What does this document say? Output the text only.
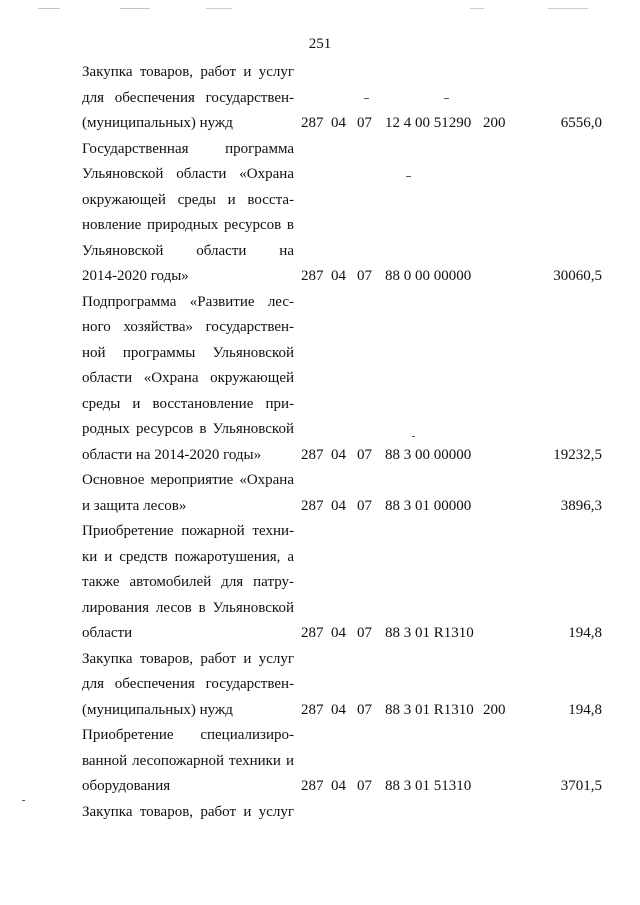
251
Закупка товаров, работ и услуг
для обеспечения государствен-
(муниципальных) нужд	287 04 07 12 4 00 51290 200	6556,0
Государственная программа
Ульяновской области «Охрана
окружающей среды и восста-
новление природных ресурсов в
Ульяновской области на
2014-2020 годы»	287 04 07 88 0 00 00000	30060,5
Подпрограмма «Развитие лес-
ного хозяйства» государствен-
ной программы Ульяновской
области «Охрана окружающей
среды и восстановление при-
родных ресурсов в Ульяновской
области на 2014-2020 годы»	287 04 07 88 3 00 00000	19232,5
Основное мероприятие «Охрана
и защита лесов»	287 04 07 88 3 01 00000	3896,3
Приобретение пожарной техни-
ки и средств пожаротушения, а
также автомобилей для патру-
лирования лесов в Ульяновской
области	287 04 07 88 3 01 R1310	194,8
Закупка товаров, работ и услуг
для обеспечения государствен-
(муниципальных) нужд	287 04 07 88 3 01 R1310 200	194,8
Приобретение специализиро-
ванной лесопожарной техники и
оборудования	287 04 07 88 3 01 51310	3701,5
Закупка товаров, работ и услуг
